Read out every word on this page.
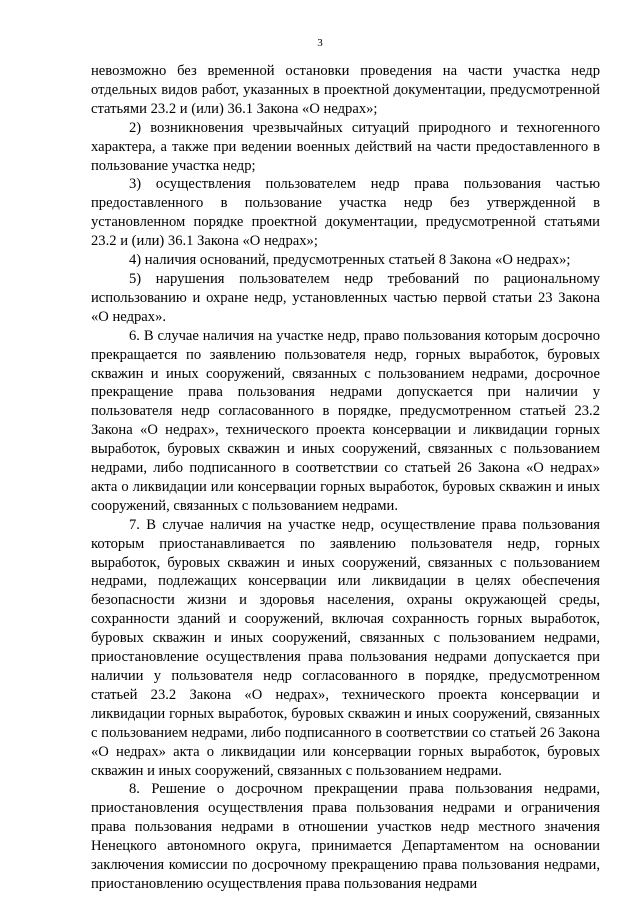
3

невозможно без временной остановки проведения на части участка недр отдельных видов работ, указанных в проектной документации, предусмотренной статьями 23.2 и (или) 36.1 Закона «О недрах»;

2) возникновения чрезвычайных ситуаций природного и техногенного характера, а также при ведении военных действий на части предоставленного в пользование участка недр;

3) осуществления пользователем недр права пользования частью предоставленного в пользование участка недр без утвержденной в установленном порядке проектной документации, предусмотренной статьями 23.2 и (или) 36.1 Закона «О недрах»;

4) наличия оснований, предусмотренных статьей 8 Закона «О недрах»;

5) нарушения пользователем недр требований по рациональному использованию и охране недр, установленных частью первой статьи 23 Закона «О недрах».

6. В случае наличия на участке недр, право пользования которым досрочно прекращается по заявлению пользователя недр, горных выработок, буровых скважин и иных сооружений, связанных с пользованием недрами, досрочное прекращение права пользования недрами допускается при наличии у пользователя недр согласованного в порядке, предусмотренном статьей 23.2 Закона «О недрах», технического проекта консервации и ликвидации горных выработок, буровых скважин и иных сооружений, связанных с пользованием недрами, либо подписанного в соответствии со статьей 26 Закона «О недрах» акта о ликвидации или консервации горных выработок, буровых скважин и иных сооружений, связанных с пользованием недрами.

7. В случае наличия на участке недр, осуществление права пользования которым приостанавливается по заявлению пользователя недр, горных выработок, буровых скважин и иных сооружений, связанных с пользованием недрами, подлежащих консервации или ликвидации в целях обеспечения безопасности жизни и здоровья населения, охраны окружающей среды, сохранности зданий и сооружений, включая сохранность горных выработок, буровых скважин и иных сооружений, связанных с пользованием недрами, приостановление осуществления права пользования недрами допускается при наличии у пользователя недр согласованного в порядке, предусмотренном статьей 23.2 Закона «О недрах», технического проекта консервации и ликвидации горных выработок, буровых скважин и иных сооружений, связанных с пользованием недрами, либо подписанного в соответствии со статьей 26 Закона «О недрах» акта о ликвидации или консервации горных выработок, буровых скважин и иных сооружений, связанных с пользованием недрами.

8. Решение о досрочном прекращении права пользования недрами, приостановления осуществления права пользования недрами и ограничения права пользования недрами в отношении участков недр местного значения Ненецкого автономного округа, принимается Департаментом на основании заключения комиссии по досрочному прекращению права пользования недрами, приостановлению осуществления права пользования недрами
